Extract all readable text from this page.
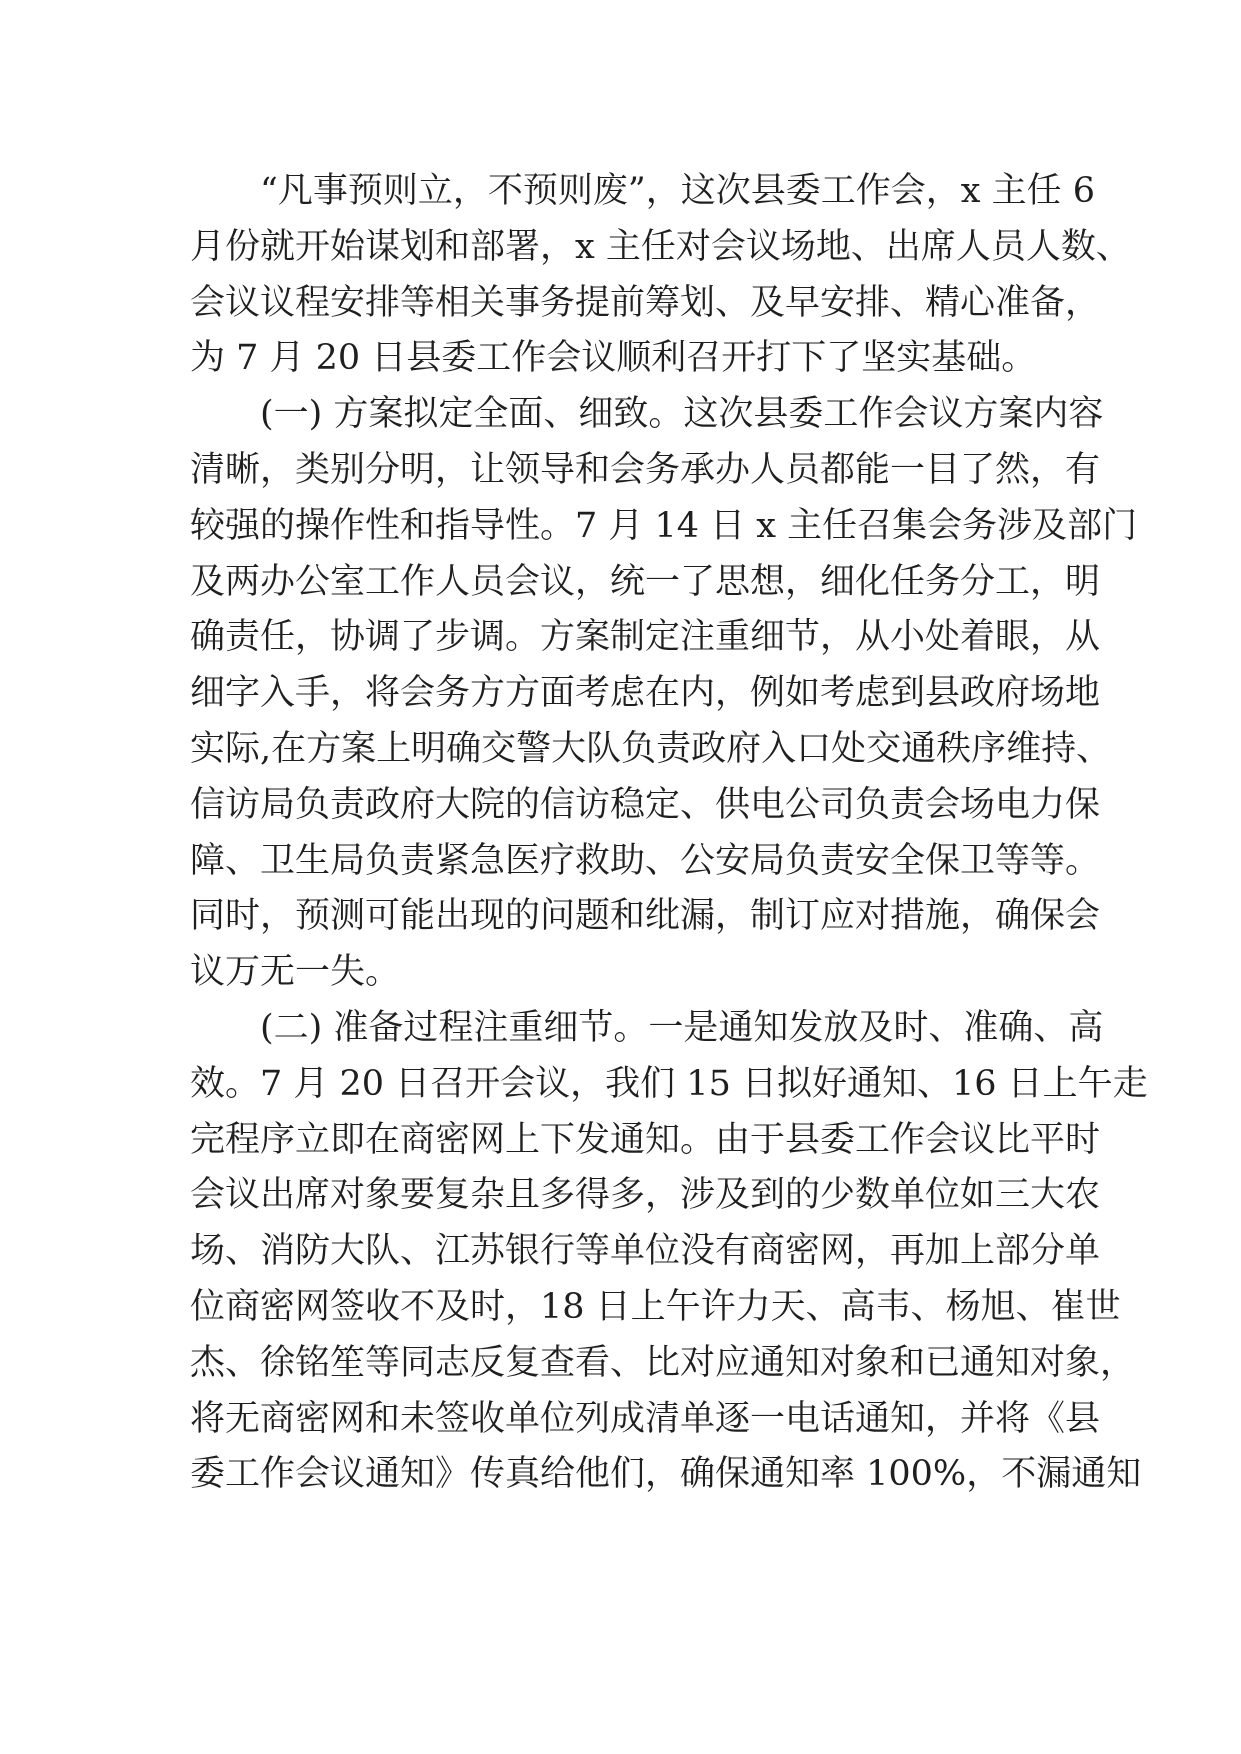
“凡事预则立，不预则废”，这次县委工作会，x 主任 6

月份就开始谋划和部署，x 主任对会议场地、出席人员人数、

会议议程安排等相关事务提前筹划、及早安排、精心准备，

为 7 月 20 日县委工作会议顺利召开打下了坚实基础。

(一) 方案拟定全面、细致。这次县委工作会议方案内容

清晰，类别分明，让领导和会务承办人员都能一目了然，有

较强的操作性和指导性。7 月 14 日 x 主任召集会务涉及部门

及两办公室工作人员会议，统一了思想，细化任务分工，明

确责任，协调了步调。方案制定注重细节，从小处着眼，从

细字入手，将会务方方面考虑在内，例如考虑到县政府场地

实际,在方案上明确交警大队负责政府入口处交通秩序维持、

信访局负责政府大院的信访稳定、供电公司负责会场电力保

障、卫生局负责紧急医疗救助、公安局负责安全保卫等等。

同时，预测可能出现的问题和纰漏，制订应对措施，确保会

议万无一失。

(二) 准备过程注重细节。一是通知发放及时、准确、高

效。7 月 20 日召开会议，我们 15 日拟好通知、16 日上午走

完程序立即在商密网上下发通知。由于县委工作会议比平时

会议出席对象要复杂且多得多，涉及到的少数单位如三大农

场、消防大队、江苏银行等单位没有商密网，再加上部分单

位商密网签收不及时，18 日上午许力天、高韦、杨旭、崔世

杰、徐铭笙等同志反复查看、比对应通知对象和已通知对象，

将无商密网和未签收单位列成清单逐一电话通知，并将《县

委工作会议通知》传真给他们，确保通知率 100%，不漏通知
